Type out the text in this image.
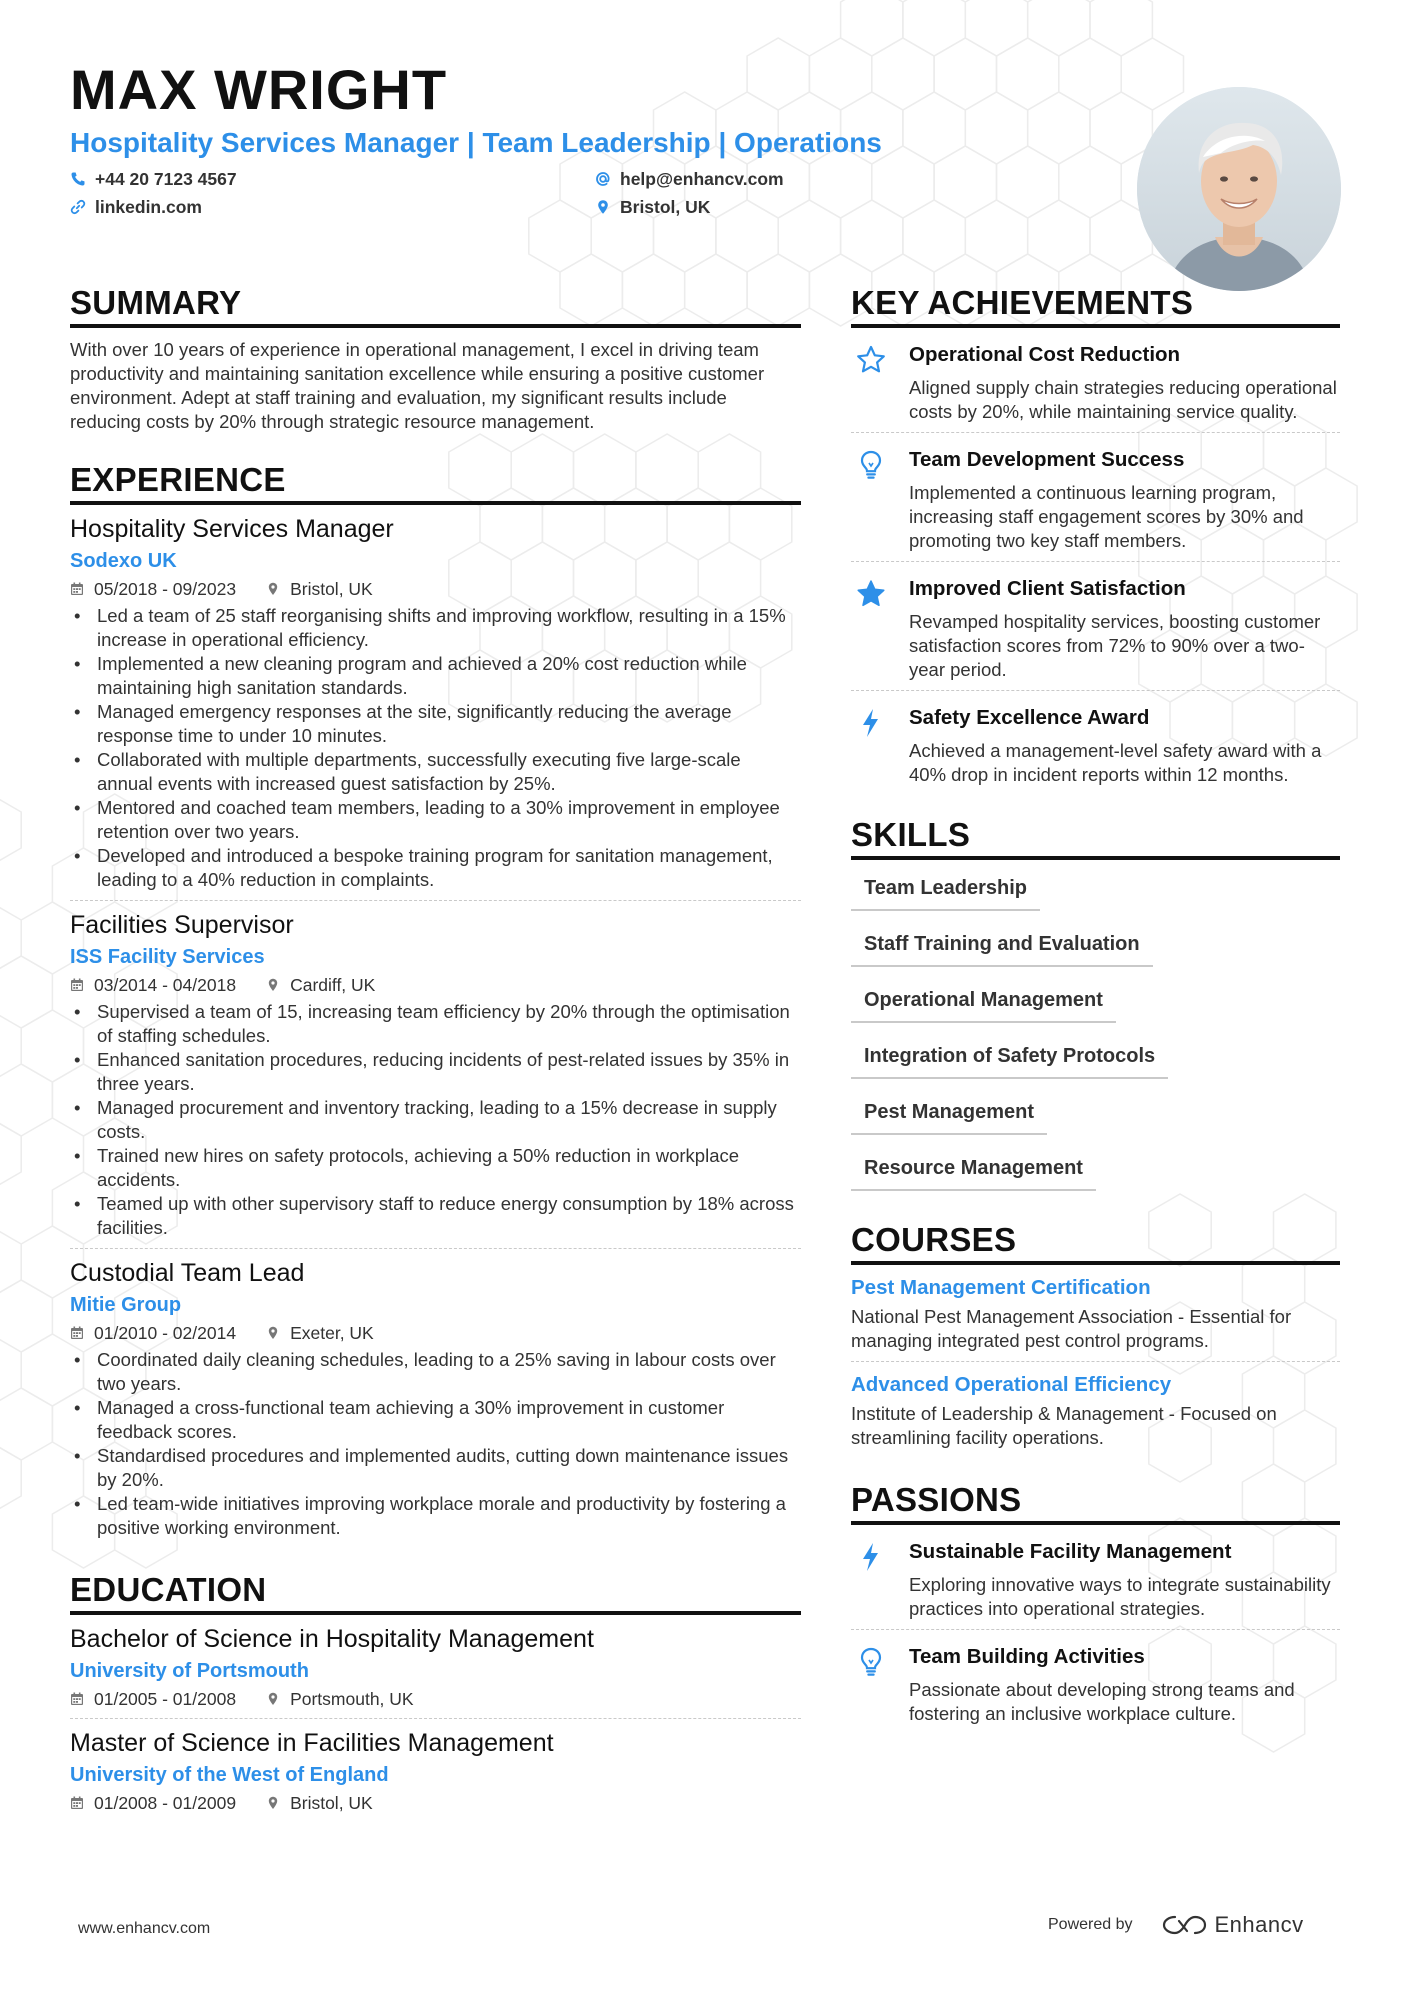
MAX WRIGHT
Hospitality Services Manager | Team Leadership | Operations
+44 20 7123 4567	help@enhancv.com
linkedin.com	Bristol, UK
SUMMARY
With over 10 years of experience in operational management, I excel in driving team productivity and maintaining sanitation excellence while ensuring a positive customer environment. Adept at staff training and evaluation, my significant results include reducing costs by 20% through strategic resource management.
EXPERIENCE
Hospitality Services Manager
Sodexo UK
05/2018 - 09/2023	Bristol, UK
• Led a team of 25 staff reorganising shifts and improving workflow, resulting in a 15% increase in operational efficiency.
• Implemented a new cleaning program and achieved a 20% cost reduction while maintaining high sanitation standards.
• Managed emergency responses at the site, significantly reducing the average response time to under 10 minutes.
• Collaborated with multiple departments, successfully executing five large-scale annual events with increased guest satisfaction by 25%.
• Mentored and coached team members, leading to a 30% improvement in employee retention over two years.
• Developed and introduced a bespoke training program for sanitation management, leading to a 40% reduction in complaints.
Facilities Supervisor
ISS Facility Services
03/2014 - 04/2018	Cardiff, UK
• Supervised a team of 15, increasing team efficiency by 20% through the optimisation of staffing schedules.
• Enhanced sanitation procedures, reducing incidents of pest-related issues by 35% in three years.
• Managed procurement and inventory tracking, leading to a 15% decrease in supply costs.
• Trained new hires on safety protocols, achieving a 50% reduction in workplace accidents.
• Teamed up with other supervisory staff to reduce energy consumption by 18% across facilities.
Custodial Team Lead
Mitie Group
01/2010 - 02/2014	Exeter, UK
• Coordinated daily cleaning schedules, leading to a 25% saving in labour costs over two years.
• Managed a cross-functional team achieving a 30% improvement in customer feedback scores.
• Standardised procedures and implemented audits, cutting down maintenance issues by 20%.
• Led team-wide initiatives improving workplace morale and productivity by fostering a positive working environment.
EDUCATION
Bachelor of Science in Hospitality Management
University of Portsmouth
01/2005 - 01/2008	Portsmouth, UK
Master of Science in Facilities Management
University of the West of England
01/2008 - 01/2009	Bristol, UK
KEY ACHIEVEMENTS
Operational Cost Reduction
Aligned supply chain strategies reducing operational costs by 20%, while maintaining service quality.
Team Development Success
Implemented a continuous learning program, increasing staff engagement scores by 30% and promoting two key staff members.
Improved Client Satisfaction
Revamped hospitality services, boosting customer satisfaction scores from 72% to 90% over a two-year period.
Safety Excellence Award
Achieved a management-level safety award with a 40% drop in incident reports within 12 months.
SKILLS
Team Leadership
Staff Training and Evaluation
Operational Management
Integration of Safety Protocols
Pest Management
Resource Management
COURSES
Pest Management Certification
National Pest Management Association - Essential for managing integrated pest control programs.
Advanced Operational Efficiency
Institute of Leadership & Management - Focused on streamlining facility operations.
PASSIONS
Sustainable Facility Management
Exploring innovative ways to integrate sustainability practices into operational strategies.
Team Building Activities
Passionate about developing strong teams and fostering an inclusive workplace culture.
www.enhancv.com	Powered by	Enhancv
